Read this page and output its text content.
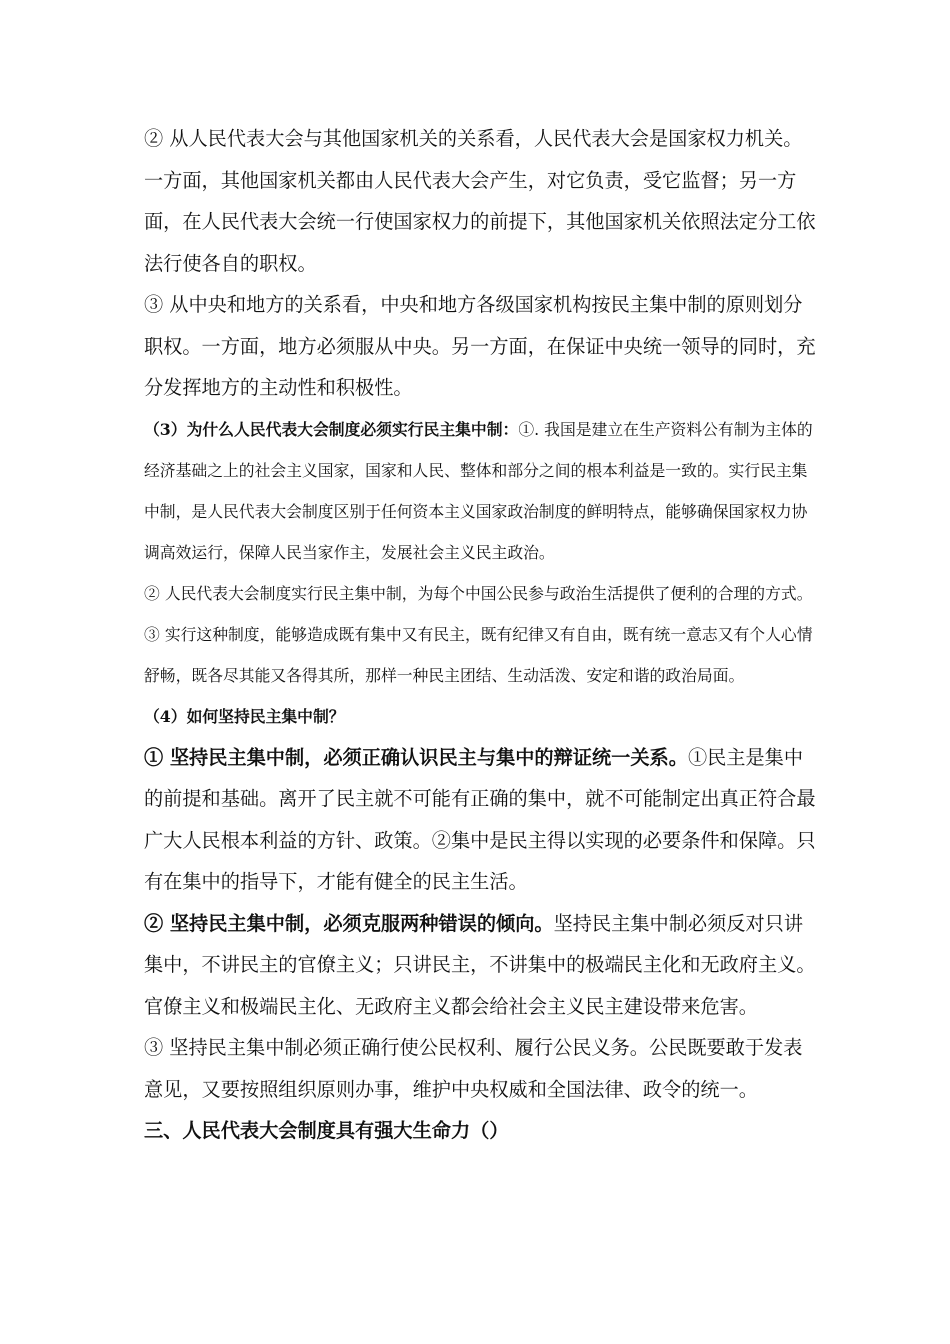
② 从人民代表大会与其他国家机关的关系看，人民代表大会是国家权力机关。一方面，其他国家机关都由人民代表大会产生，对它负责，受它监督；另一方面，在人民代表大会统一行使国家权力的前提下，其他国家机关依照法定分工依法行使各自的职权。

③ 从中央和地方的关系看，中央和地方各级国家机构按民主集中制的原则划分职权。一方面，地方必须服从中央。另一方面，在保证中央统一领导的同时，充分发挥地方的主动性和积极性。

（3）为什么人民代表大会制度必须实行民主集中制：①. 我国是建立在生产资料公有制为主体的经济基础之上的社会主义国家，国家和人民、整体和部分之间的根本利益是一致的。实行民主集中制，是人民代表大会制度区别于任何资本主义国家政治制度的鲜明特点，能够确保国家权力协调高效运行，保障人民当家作主，发展社会主义民主政治。

② 人民代表大会制度实行民主集中制，为每个中国公民参与政治生活提供了便利的合理的方式。

③ 实行这种制度，能够造成既有集中又有民主，既有纪律又有自由，既有统一意志又有个人心情舒畅，既各尽其能又各得其所，那样一种民主团结、生动活泼、安定和谐的政治局面。

（4）如何坚持民主集中制？

① 坚持民主集中制，必须正确认识民主与集中的辩证统一关系。①民主是集中的前提和基础。离开了民主就不可能有正确的集中，就不可能制定出真正符合最广大人民根本利益的方针、政策。②集中是民主得以实现的必要条件和保障。只有在集中的指导下，才能有健全的民主生活。

② 坚持民主集中制，必须克服两种错误的倾向。坚持民主集中制必须反对只讲集中，不讲民主的官僚主义；只讲民主，不讲集中的极端民主化和无政府主义。官僚主义和极端民主化、无政府主义都会给社会主义民主建设带来危害。

③ 坚持民主集中制必须正确行使公民权利、履行公民义务。公民既要敢于发表意见，又要按照组织原则办事，维护中央权威和全国法律、政令的统一。

三、人民代表大会制度具有强大生命力（）
